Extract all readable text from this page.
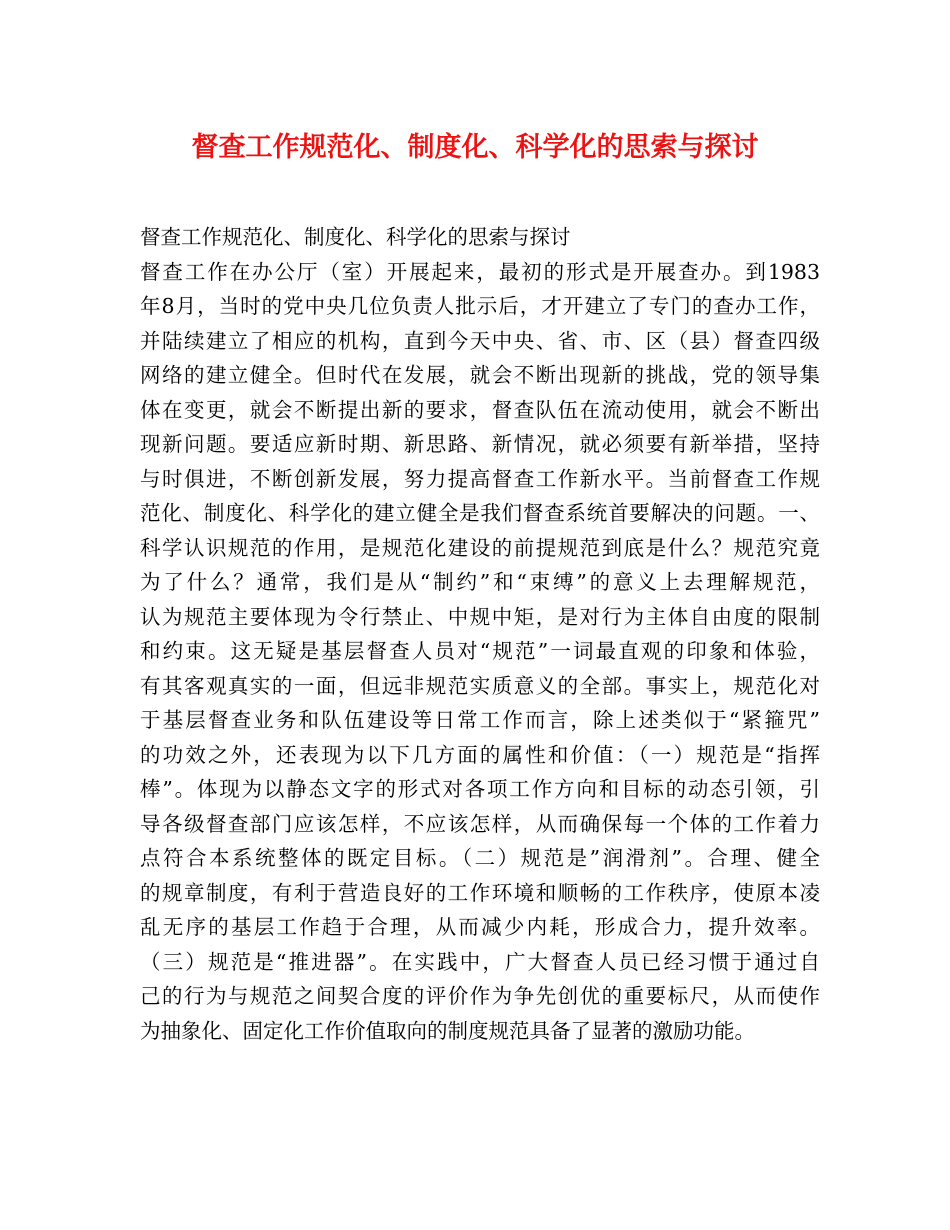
督查工作规范化、制度化、科学化的思索与探讨
督查工作规范化、制度化、科学化的思索与探讨
督查工作在办公厅（室）开展起来，最初的形式是开展查办。到1983
年8月，当时的党中央几位负责人批示后，才开建立了专门的查办工作，
并陆续建立了相应的机构，直到今天中央、省、市、区（县）督查四级
网络的建立健全。但时代在发展，就会不断出现新的挑战，党的领导集
体在变更，就会不断提出新的要求，督查队伍在流动使用，就会不断出
现新问题。要适应新时期、新思路、新情况，就必须要有新举措，坚持
与时俱进，不断创新发展，努力提高督查工作新水平。当前督查工作规
范化、制度化、科学化的建立健全是我们督查系统首要解决的问题。一、
科学认识规范的作用，是规范化建设的前提规范到底是什么？规范究竟
为了什么？通常，我们是从“制约”和“束缚”的意义上去理解规范，
认为规范主要体现为令行禁止、中规中矩，是对行为主体自由度的限制
和约束。这无疑是基层督查人员对“规范”一词最直观的印象和体验，
有其客观真实的一面，但远非规范实质意义的全部。事实上，规范化对
于基层督查业务和队伍建设等日常工作而言，除上述类似于“紧箍咒”
的功效之外，还表现为以下几方面的属性和价值：（一）规范是“指挥
棒”。体现为以静态文字的形式对各项工作方向和目标的动态引领，引
导各级督查部门应该怎样，不应该怎样，从而确保每一个体的工作着力
点符合本系统整体的既定目标。（二）规范是”润滑剂”。合理、健全
的规章制度，有利于营造良好的工作环境和顺畅的工作秩序，使原本凌
乱无序的基层工作趋于合理，从而减少内耗，形成合力，提升效率。
（三）规范是“推进器”。在实践中，广大督查人员已经习惯于通过自
己的行为与规范之间契合度的评价作为争先创优的重要标尺，从而使作
为抽象化、固定化工作价值取向的制度规范具备了显著的激励功能。
